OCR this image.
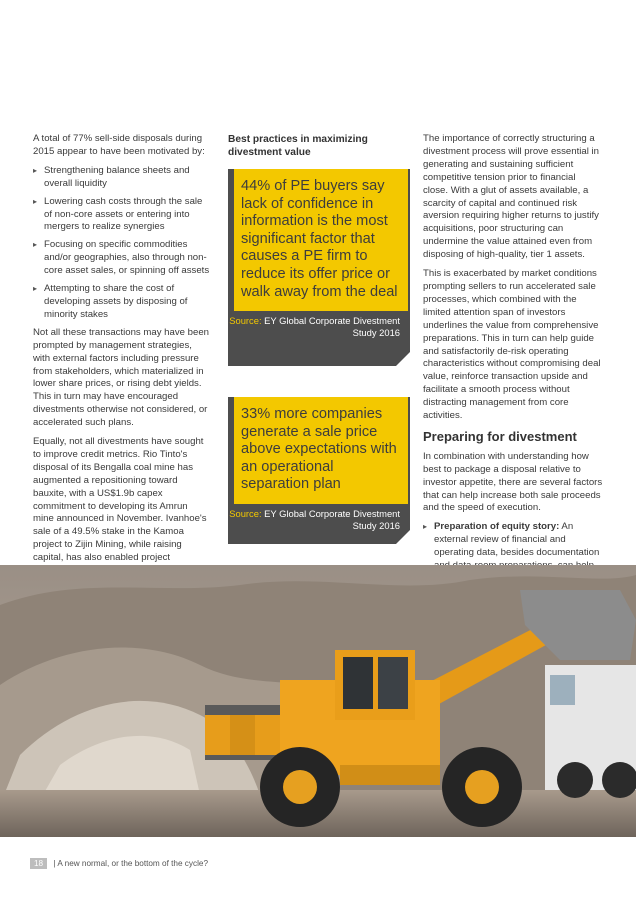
A total of 77% sell-side disposals during 2015 appear to have been motivated by:

▸ Strengthening balance sheets and overall liquidity
▸ Lowering cash costs through the sale of non-core assets or entering into mergers to realize synergies
▸ Focusing on specific commodities and/or geographies, also through non-core asset sales, or spinning off assets
▸ Attempting to share the cost of developing assets by disposing of minority stakes

Not all these transactions may have been prompted by management strategies, with external factors including pressure from stakeholders, which materialized in lower share prices, or rising debt yields. This in turn may have encouraged divestments otherwise not considered, or accelerated such plans.

Equally, not all divestments have sought to improve credit metrics. Rio Tinto's disposal of its Bengalla coal mine has augmented a repositioning toward bauxite, with a US$1.9b capex commitment to developing its Amrun mine announced in November. Ivanhoe's sale of a 49.5% stake in the Kamoa project to Zijin Mining, while raising capital, has also enabled project

Best practices in maximizing divestment value

44% of PE buyers say lack of confidence in information is the most significant factor that causes a PE firm to reduce its offer price or walk away from the deal
Source: EY Global Corporate Divestment Study 2016
33% more companies generate a sale price above expectations with an operational separation plan
Source: EY Global Corporate Divestment Study 2016

The importance of correctly structuring a divestment process will prove essential in generating and sustaining sufficient competitive tension prior to financial close. With a glut of assets available, a scarcity of capital and continued risk aversion requiring higher returns to justify acquisitions, poor structuring can undermine the value attained even from disposing of high-quality, tier 1 assets.

This is exacerbated by market conditions prompting sellers to run accelerated sale processes, which combined with the limited attention span of investors underlines the value from comprehensive preparations. This in turn can help guide and satisfactorily de-risk operating characteristics without compromising deal value, reinforce transaction upside and facilitate a smooth process without distracting management from core activities.

Preparing for divestment

In combination with understanding how best to package a disposal relative to investor appetite, there are several factors that can help increase both sale proceeds and the speed of execution.

▸ Preparation of equity story: An external review of financial and operating data, besides documentation
18 | A new normal, or the bottom of the cycle?
